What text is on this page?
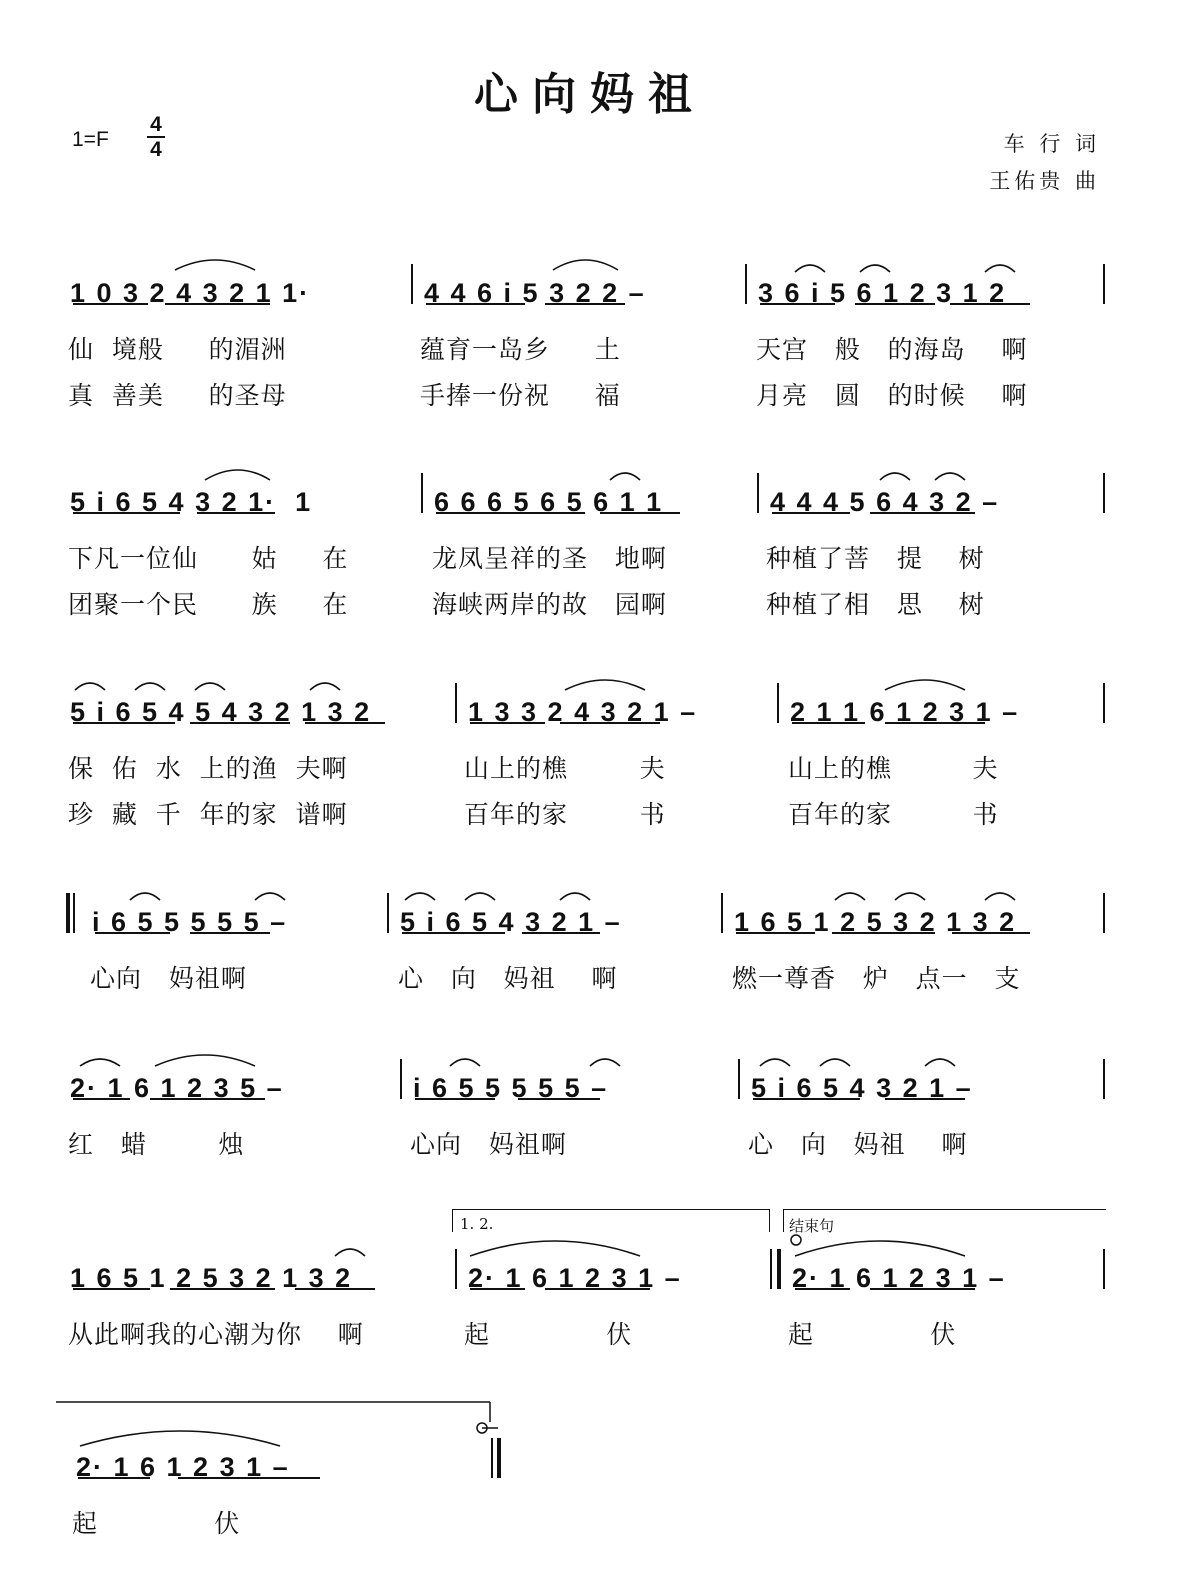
心向妈祖
1=F
4
4	车 行 词
王佑贵 曲
1 0 3 2 4 3 2 1 1·	4 4 6 i 5 3 2 2 –	3 6 i 5 6 1 2 3 1 2
仙  境般     的湄洲	蕴育一岛乡     土	天宫   般   的海岛    啊
真  善美     的圣母	手捧一份祝     福	月亮   圆   的时候    啊
5 i 6 5 4 3 2 1·  1	6 6 6 5 6 5 6 1 1	4 4 4 5 6 4 3 2 –
下凡一位仙      姑     在	龙凤呈祥的圣   地啊	种植了菩   提    树
团聚一个民      族     在	海峡两岸的故   园啊	种植了相   思    树
5 i 6 5 4 5 4 3 2 1 3 2	1 3 3 2 4 3 2 1 –	2 1 1 6 1 2 3 1 –
保  佑  水  上的渔  夫啊	山上的樵        夫	山上的樵         夫
珍  藏  千  年的家  谱啊	百年的家        书	百年的家         书
i 6 5 5 5 5 5 –	5 i 6 5 4 3 2 1 –	1 6 5 1 2 5 3 2 1 3 2
心向   妈祖啊	心   向   妈祖    啊	燃一尊香   炉   点一   支
2· 1 6 1 2 3 5 –	i 6 5 5 5 5 5 –	5 i 6 5 4 3 2 1 –
红   蜡        烛	心向   妈祖啊	心   向   妈祖    啊
1. 2.	结束句
1 6 5 1 2 5 3 2 1 3 2	2· 1 6 1 2 3 1 –	2· 1 6 1 2 3 1 –
从此啊我的心潮为你    啊	起             伏	起             伏
2· 1 6 1 2 3 1 –
起             伏
